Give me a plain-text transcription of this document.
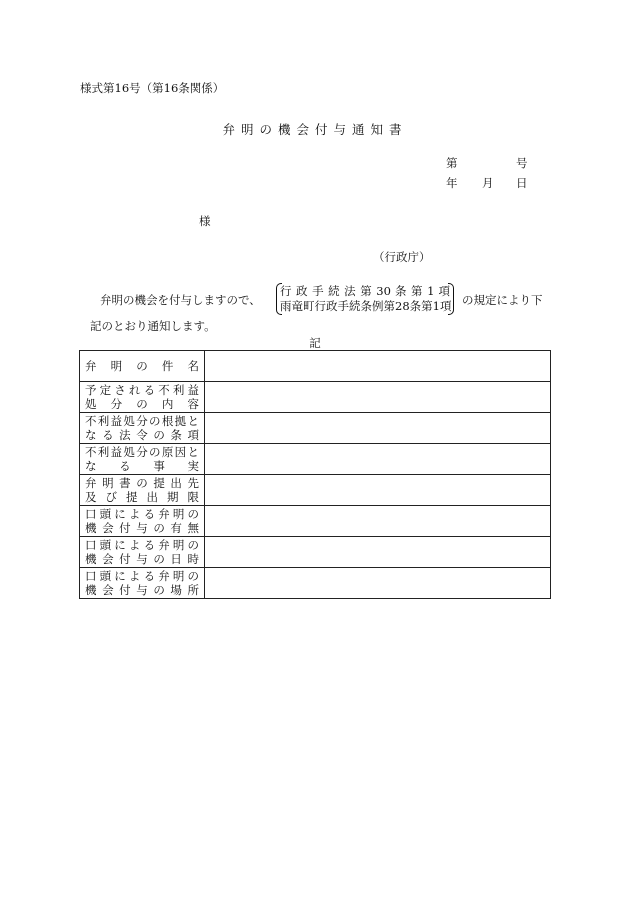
様式第16号（第16条関係）
弁明の機会付与通知書
第	号
年 月 日
様
（行政庁）
弁明の機会を付与しますので、
行 政 手 続 法 第 30 条 第 1 項
雨竜町行政手続条例第28条第1項 の規定により下
記のとおり通知します。
記
弁 明 の 件 名	

予定される不利益
処 分 の 内 容	

不利益処分の根拠と
なる法令の条項	

不利益処分の原因と
な る 事 実	

弁明書の提出先
及び提出期限	

口頭による弁明の
機会付与の有無	

口頭による弁明の
機会付与の日時	

口頭による弁明の
機会付与の場所	
